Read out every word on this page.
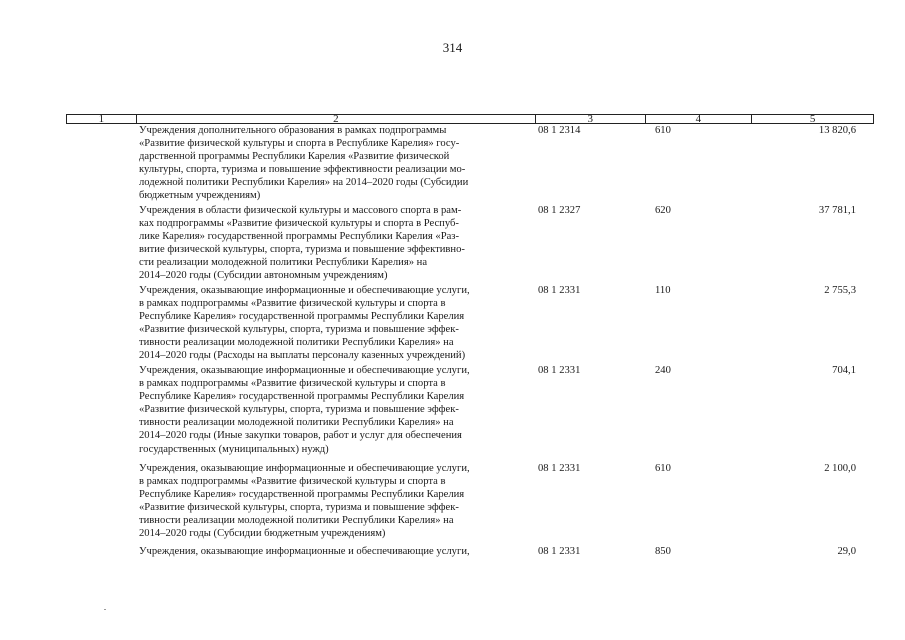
314
1	2	3	4	5
Учреждения дополнительного образования в рамках подпрограммы
«Развитие физической культуры и спорта в Республике Карелия» госу-
дарственной программы Республики Карелия «Развитие физической
культуры, спорта, туризма и повышение эффективности реализации мо-
лодежной политики Республики Карелия» на 2014–2020 годы (Субсидии
бюджетным учреждениям)
08 1 2314	610	13 820,6
Учреждения в области физической культуры и массового спорта в рам-
ках подпрограммы «Развитие физической культуры и спорта в Респуб-
лике Карелия» государственной программы Республики Карелия «Раз-
витие физической культуры, спорта, туризма и повышение эффективно-
сти реализации молодежной политики Республики Карелия» на
2014–2020 годы (Субсидии автономным учреждениям)
08 1 2327	620	37 781,1
Учреждения, оказывающие информационные и обеспечивающие услуги,
в рамках подпрограммы «Развитие физической культуры и спорта в
Республике Карелия» государственной программы Республики Карелия
«Развитие физической культуры, спорта, туризма и повышение эффек-
тивности реализации молодежной политики Республики Карелия» на
2014–2020 годы (Расходы на выплаты персоналу казенных учреждений)
08 1 2331	110	2 755,3
Учреждения, оказывающие информационные и обеспечивающие услуги,
в рамках подпрограммы «Развитие физической культуры и спорта в
Республике Карелия» государственной программы Республики Карелия
«Развитие физической культуры, спорта, туризма и повышение эффек-
тивности реализации молодежной политики Республики Карелия» на
2014–2020 годы (Иные закупки товаров, работ и услуг для обеспечения
государственных (муниципальных) нужд)
08 1 2331	240	704,1
Учреждения, оказывающие информационные и обеспечивающие услуги,
в рамках подпрограммы «Развитие физической культуры и спорта в
Республике Карелия» государственной программы Республики Карелия
«Развитие физической культуры, спорта, туризма и повышение эффек-
тивности реализации молодежной политики Республики Карелия» на
2014–2020 годы (Субсидии бюджетным учреждениям)
08 1 2331	610	2 100,0
Учреждения, оказывающие информационные и обеспечивающие услуги,	08 1 2331	850	29,0
